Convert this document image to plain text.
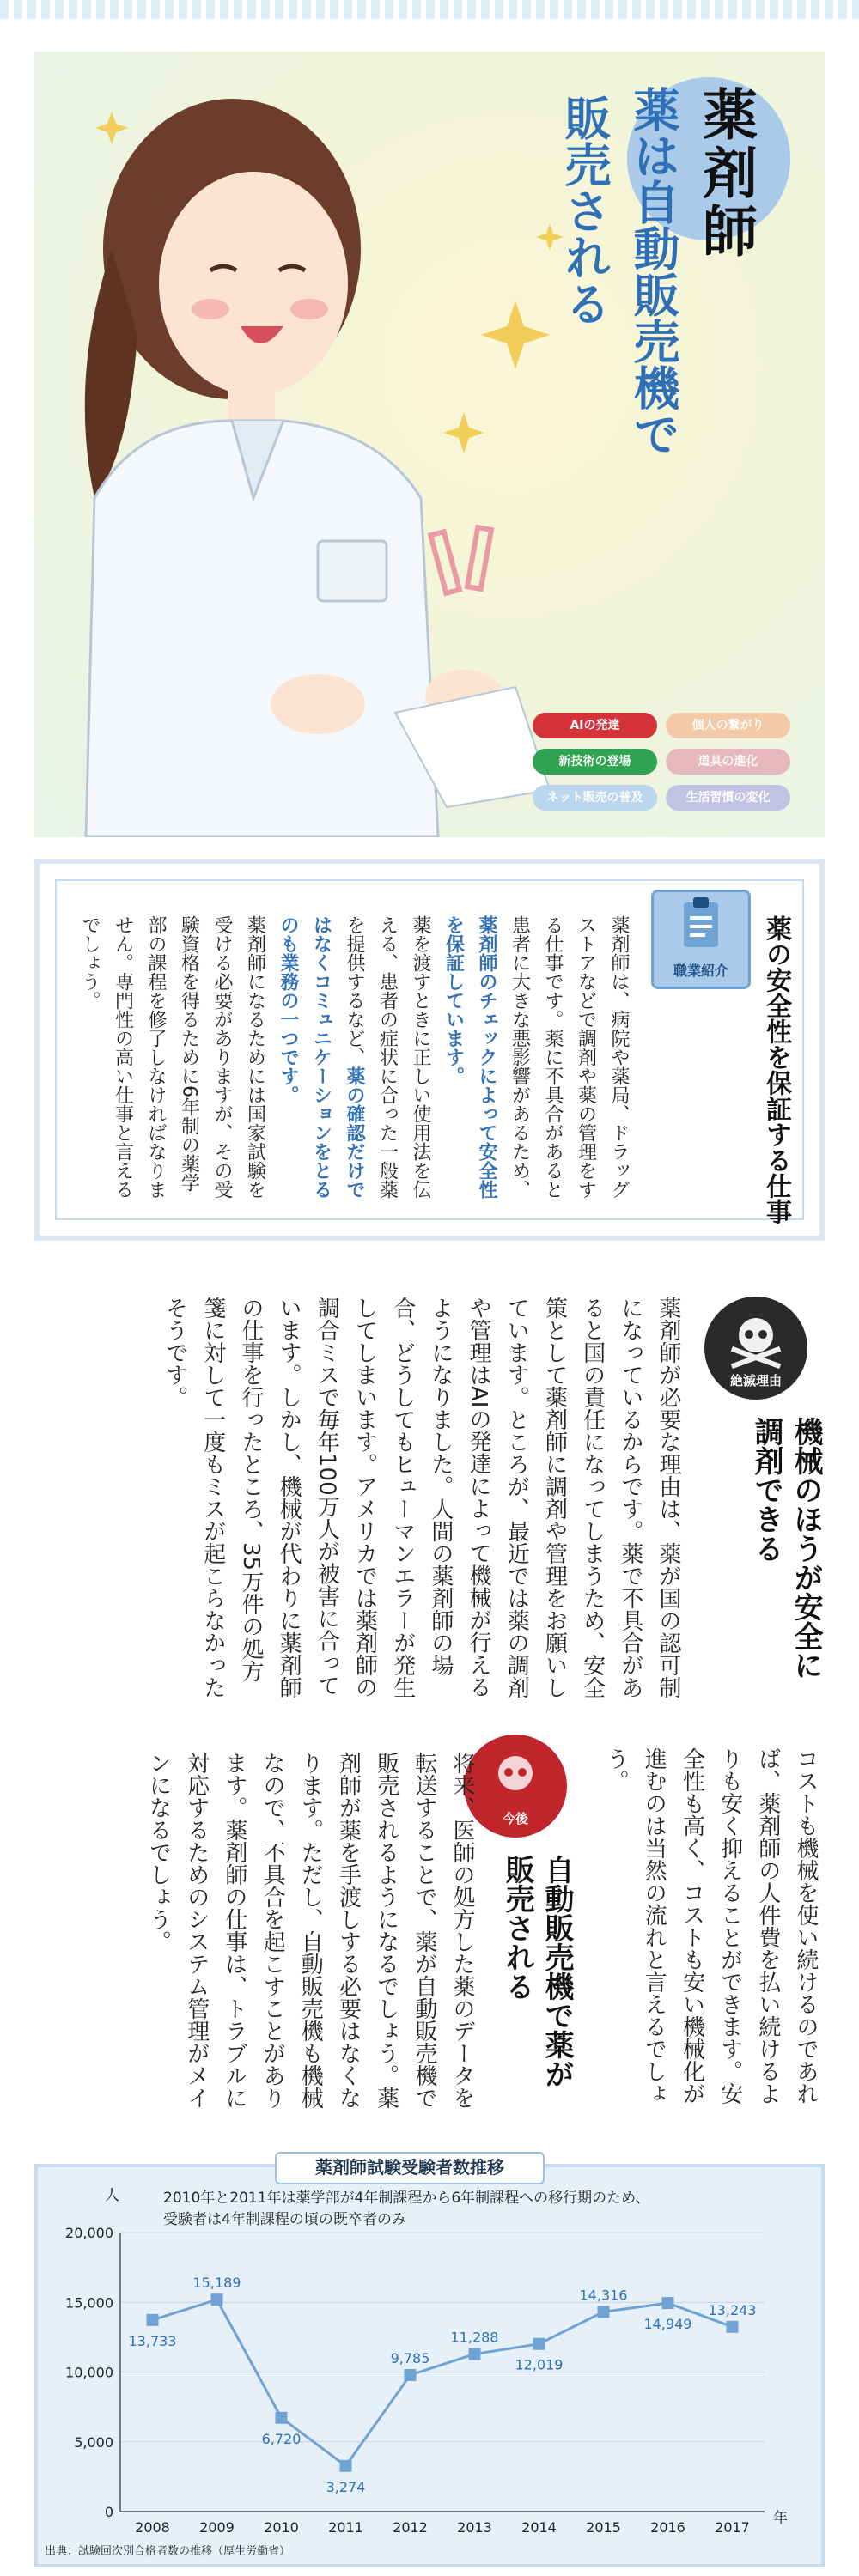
薬剤師
薬は自動販売機で
販売される
AIの発達	個人の繋がり
新技術の登場	道具の進化
ネット販売の普及	生活習慣の変化
職業紹介	薬の安全性を保証する仕事
薬剤師は、病院や薬局、ドラッグストアなどで調剤や薬の管理をする仕事です。薬に不具合があると患者に大きな悪影響があるため、薬剤師のチェックによって安全性を保証しています。
薬を渡すときに正しい使用法を伝える、患者の症状に合った一般薬を提供するなど、薬の確認だけではなくコミュニケーションをとるのも業務の一つです。
薬剤師になるためには国家試験を受ける必要がありますが、その受験資格を得るために6年制の薬学部の課程を修了しなければなりません。専門性の高い仕事と言えるでしょう。
絶滅理由
機械のほうが安全に調剤できる
薬剤師が必要な理由は、薬が国の認可制になっているからです。薬で不具合があると国の責任になってしまうため、安全策として薬剤師に調剤や管理をお願いしています。ところが、最近では薬の調剤や管理はAIの発達によって機械が行えるようになりました。人間の薬剤師の場合、どうしてもヒューマンエラーが発生してしまいます。アメリカでは薬剤師の調合ミスで毎年100万人が被害に合っています。しかし、機械が代わりに薬剤師の仕事を行ったところ、35万件の処方箋に対して一度もミスが起こらなかったそうです。
コストも機械を使い続けるのであれば、薬剤師の人件費を払い続けるよりも安く抑えることができます。安全性も高く、コストも安い機械化が進むのは当然の流れと言えるでしょう。
今後
自動販売機で薬が販売される
将来、医師の処方した薬のデータを転送することで、薬が自動販売機で販売されるようになるでしょう。薬剤師が薬を手渡しする必要はなくなります。ただし、自動販売機も機械なので、不具合を起こすことがあります。薬剤師の仕事は、トラブルに対応するためのシステム管理がメインになるでしょう。
薬剤師試験受験者数推移
2010年と2011年は薬学部が4年制課程から6年制課程への移行期のため、
受験者は4年制課程の頃の既卒者のみ
人
年
出典：試験回次別合格者数の推移（厚生労働省）
20,000
15,000
10,000
5,000
0
2008 2009 2010 2011 2012 2013 2014 2015 2016 2017
13,733
15,189
6,720
3,274
9,785
11,288
12,019
14,316
14,949
13,243
